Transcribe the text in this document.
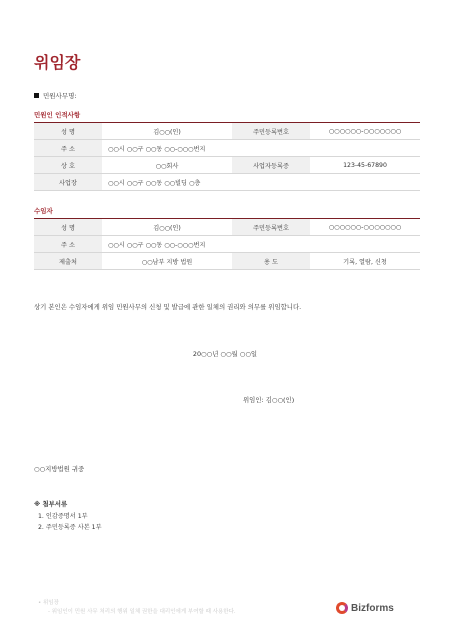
위임장
민원사무명:
민원인 인적사항
성 명	김○○(인)	주민등록번호	○○○○○○-○○○○○○○
주 소	○○시 ○○구 ○○동 ○○-○○○번지		
상 호	○○회사	사업자등록증	123-45-67890
사업장	○○시 ○○구 ○○동 ○○빌딩 ○층		
수임자
성 명	김○○(인)	주민등록번호	○○○○○○-○○○○○○○
주 소	○○시 ○○구 ○○동 ○○-○○○번지		
제출처	○○남부 지방 법원	용 도	기록, 열람, 신청
상기 본인은 수임자에게 위임 민원사무의 신청 및 발급에 관한 일체의 권리와 의무를 위임합니다.
20○○년 ○○월 ○○일
위임인: 김○○(인)
○○지방법원 귀중
※ 첨부서류
1. 인감증명서 1부
2. 주민등록증 사본 1부
• 위임장
- 위임인이 민원 사무 처리의 행위 일체 권한을 대리인에게 부여할 때 사용한다.	Bizforms
